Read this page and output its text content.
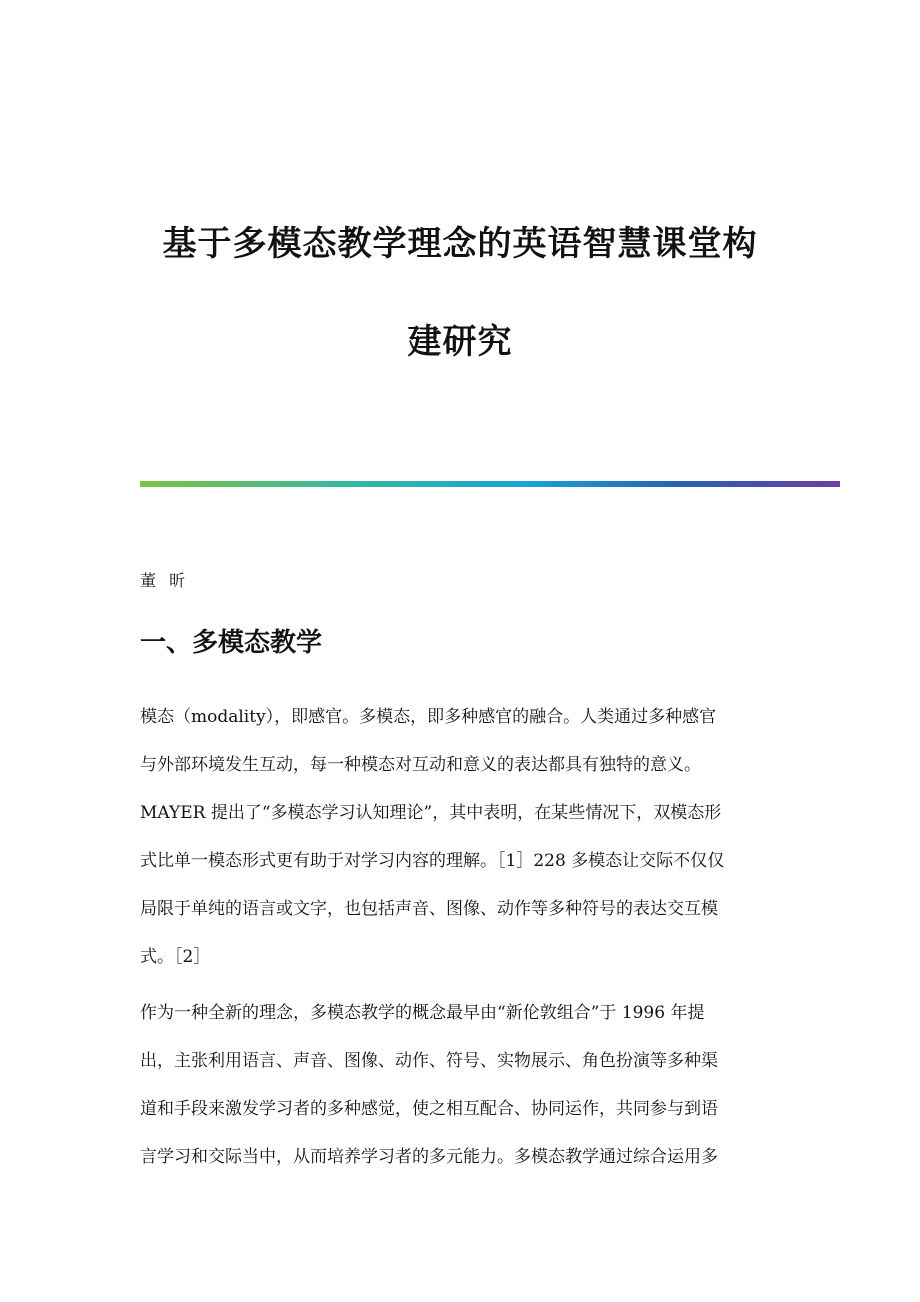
基于多模态教学理念的英语智慧课堂构
建研究
董 昕
一、多模态教学
模态（modality），即感官。多模态，即多种感官的融合。人类通过多种感官
与外部环境发生互动，每一种模态对互动和意义的表达都具有独特的意义。
MAYER 提出了“多模态学习认知理论”，其中表明，在某些情况下，双模态形
式比单一模态形式更有助于对学习内容的理解。［1］228 多模态让交际不仅仅
局限于单纯的语言或文字，也包括声音、图像、动作等多种符号的表达交互模
式。［2］
作为一种全新的理念，多模态教学的概念最早由“新伦敦组合”于 1996 年提
出，主张利用语言、声音、图像、动作、符号、实物展示、角色扮演等多种渠
道和手段来激发学习者的多种感觉，使之相互配合、协同运作，共同参与到语
言学习和交际当中，从而培养学习者的多元能力。多模态教学通过综合运用多
